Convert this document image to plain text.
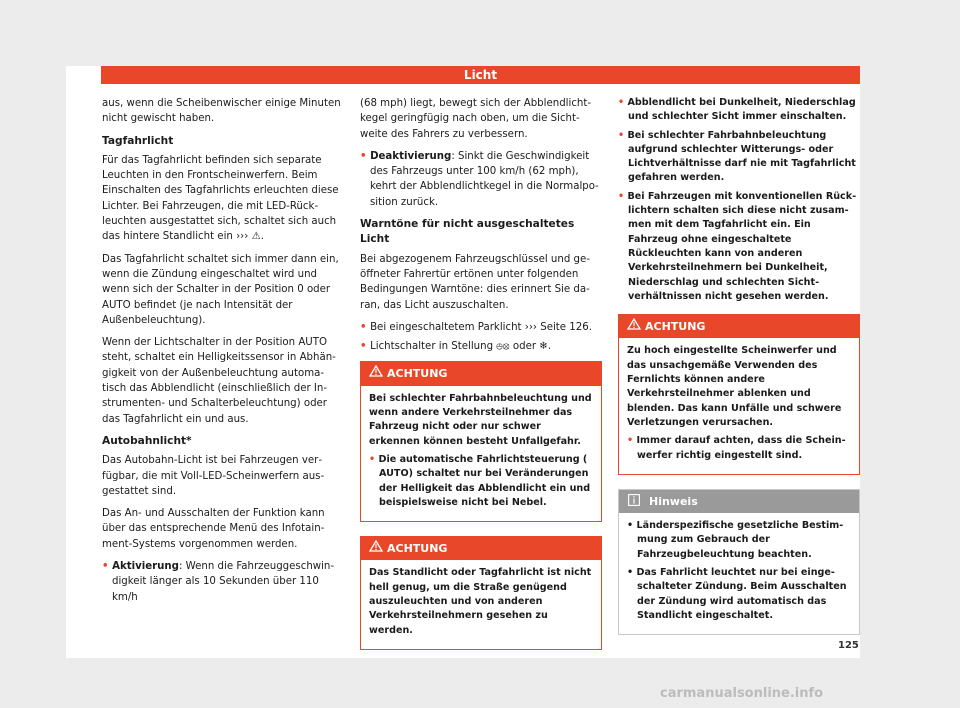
Licht

aus, wenn die Scheibenwischer einige Minuten nicht gewischt haben.

Tagfahrlicht

Für das Tagfahrlicht befinden sich separate Leuchten in den Frontscheinwerfern. Beim Einschalten des Tagfahrlichts erleuchten diese Lichter. Bei Fahrzeugen, die mit LED-Rückleuchten ausgestattet sich, schaltet sich auch das hintere Standlicht ein ››› ⚠.

Das Tagfahrlicht schaltet sich immer dann ein, wenn die Zündung eingeschaltet wird und wenn sich der Schalter in der Position 0 oder AUTO befindet (je nach Intensität der Außenbeleuchtung).

Wenn der Lichtschalter in der Position AUTO steht, schaltet ein Helligkeitssensor in Abhängigkeit von der Außenbeleuchtung automatisch das Abblendlicht (einschließlich der Instrumenten- und Schalterbeleuchtung) oder das Tagfahrlicht ein und aus.

Autobahnlicht*

Das Autobahn-Licht ist bei Fahrzeugen verfügbar, die mit Voll-LED-Scheinwerfern ausgestattet sind.

Das An- und Ausschalten der Funktion kann über das entsprechende Menü des Infotainment-Systems vorgenommen werden.

• Aktivierung: Wenn die Fahrzeuggeschwindigkeit länger als 10 Sekunden über 110 km/h

(68 mph) liegt, bewegt sich der Abblendlichtkegel geringfügig nach oben, um die Sichtweite des Fahrers zu verbessern.

• Deaktivierung: Sinkt die Geschwindigkeit des Fahrzeugs unter 100 km/h (62 mph), kehrt der Abblendlichtkegel in die Normalposition zurück.

Warntöne für nicht ausgeschaltetes Licht

Bei abgezogenem Fahrzeugschlüssel und geöffneter Fahrertür ertönen unter folgenden Bedingungen Warntöne: dies erinnert Sie daran, das Licht auszuschalten.

• Bei eingeschaltetem Parklicht ››› Seite 126.

• Lichtschalter in Stellung ⦺⦻ oder ❄.

ACHTUNG

Bei schlechter Fahrbahnbeleuchtung und wenn andere Verkehrsteilnehmer das Fahrzeug nicht oder nur schwer erkennen können besteht Unfallgefahr.

• Die automatische Fahrlichtsteuerung ( AUTO) schaltet nur bei Veränderungen der Helligkeit das Abblendlicht ein und beispielsweise nicht bei Nebel.

ACHTUNG

Das Standlicht oder Tagfahrlicht ist nicht hell genug, um die Straße genügend auszuleuchten und von anderen Verkehrsteilnehmern gesehen zu werden.

• Abblendlicht bei Dunkelheit, Niederschlag und schlechter Sicht immer einschalten.

• Bei schlechter Fahrbahnbeleuchtung aufgrund schlechter Witterungs- oder Lichtverhältnisse darf nie mit Tagfahrlicht gefahren werden.

• Bei Fahrzeugen mit konventionellen Rücklichtern schalten sich diese nicht zusammen mit dem Tagfahrlicht ein. Ein Fahrzeug ohne eingeschaltete Rückleuchten kann von anderen Verkehrsteilnehmern bei Dunkelheit, Niederschlag und schlechten Sichtverhältnissen nicht gesehen werden.

ACHTUNG

Zu hoch eingestellte Scheinwerfer und das unsachgemäße Verwenden des Fernlichts können andere Verkehrsteilnehmer ablenken und blenden. Das kann Unfälle und schwere Verletzungen verursachen.

• Immer darauf achten, dass die Scheinwerfer richtig eingestellt sind.

Hinweis

• Länderspezifische gesetzliche Bestimmung zum Gebrauch der Fahrzeugbeleuchtung beachten.

• Das Fahrlicht leuchtet nur bei eingeschalteter Zündung. Beim Ausschalten der Zündung wird automatisch das Standlicht eingeschaltet.

125
carmanualsonline.info
